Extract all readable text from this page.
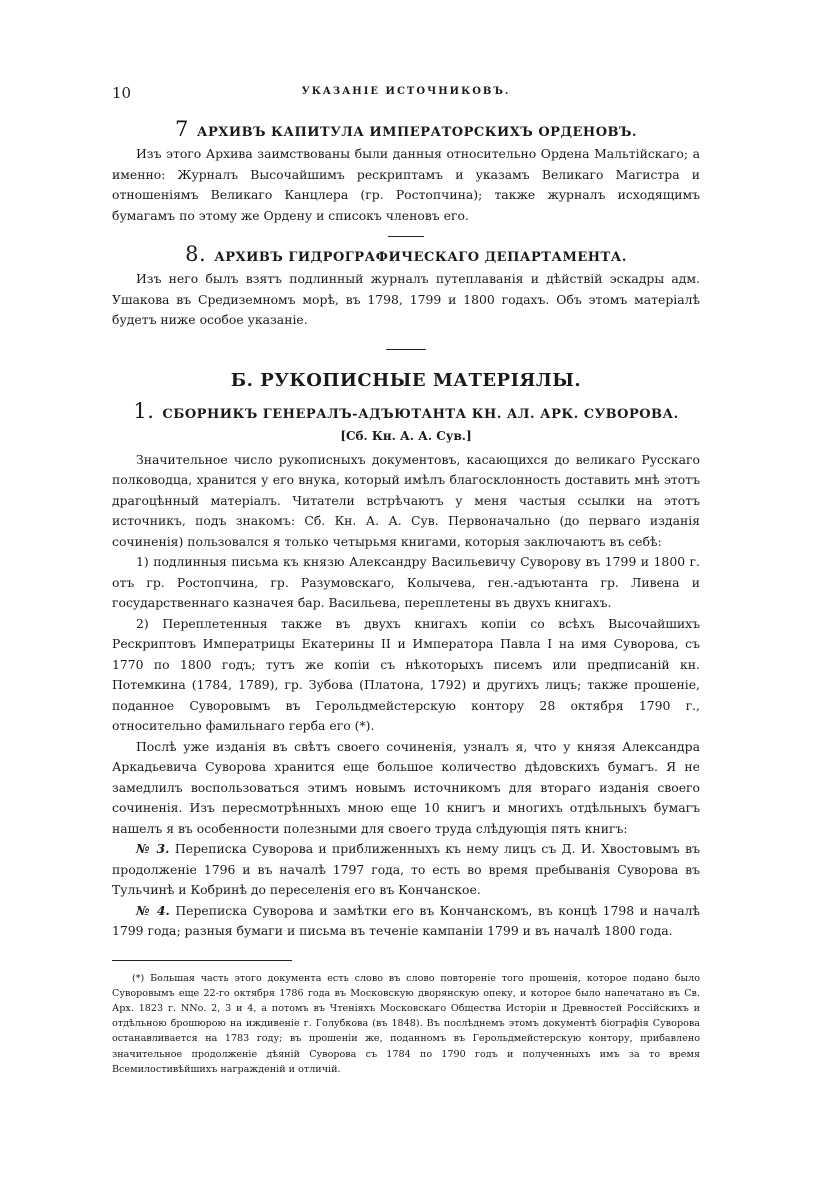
10	УКАЗАНІЕ ИСТОЧНИКОВЪ.
7 АРХИВЪ КАПИТУЛА ИМПЕРАТОРСКИХЪ ОРДЕНОВЪ.

Изъ этого Архива заимствованы были данныя относительно Ордена Мальтійскаго; а именно: Журналъ Высочайшимъ рескриптамъ и указамъ Великаго Магистра и отношеніямъ Великаго Канцлера (гр. Ростопчина); также журналъ исходящимъ бумагамъ по этому же Ордену и списокъ членовъ его.

8. АРХИВЪ ГИДРОГРАФИЧЕСКАГО ДЕПАРТАМЕНТА.

Изъ него былъ взятъ подлинный журналъ путеплаванія и дѣйствій эскадры адм. Ушакова въ Средиземномъ морѣ, въ 1798, 1799 и 1800 годахъ. Объ этомъ матеріалѣ будетъ ниже особое указаніе.

Б. РУКОПИСНЫЕ МАТЕРІЯЛЫ.
1. СБОРНИКЪ ГЕНЕРАЛЪ-АДЪЮТАНТА КН. АЛ. АРК. СУВОРОВА.
[Сб. Кн. А. А. Сув.]

Значительное число рукописныхъ документовъ, касающихся до великаго Русскаго полководца, хранится у его внука, который имѣлъ благосклонность доставить мнѣ этотъ драгоцѣнный матеріалъ. Читатели встрѣчаютъ у меня частыя ссылки на этотъ источникъ, подъ знакомъ: Сб. Кн. А. А. Сув. Первоначально (до перваго изданія сочиненія) пользовался я только четырьмя книгами, которыя заключаютъ въ себѣ:

1) подлинныя письма къ князю Александру Васильевичу Суворову въ 1799 и 1800 г. отъ гр. Ростопчина, гр. Разумовскаго, Колычева, ген.-адъютанта гр. Ливена и государственнаго казначея бар. Васильева, переплетены въ двухъ книгахъ.

2) Переплетенныя также въ двухъ книгахъ копіи со всѣхъ Высочайшихъ Рескриптовъ Императрицы Екатерины II и Императора Павла I на имя Суворова, съ 1770 по 1800 годъ; тутъ же копіи съ нѣкоторыхъ писемъ или предписаній кн. Потемкина (1784, 1789), гр. Зубова (Платона, 1792) и другихъ лицъ; также прошеніе, поданное Суворовымъ въ Герольдмейстерскую контору 28 октября 1790 г., относительно фамильнаго герба его (*).

Послѣ уже изданія въ свѣтъ своего сочиненія, узналъ я, что у князя Александра Аркадьевича Суворова хранится еще большое количество дѣдовскихъ бумагъ. Я не замедлилъ воспользоваться этимъ новымъ источникомъ для втораго изданія своего сочиненія. Изъ пересмотрѣнныхъ мною еще 10 книгъ и многихъ отдѣльныхъ бумагъ нашелъ я въ особенности полезными для своего труда слѣдующія пять книгъ:

№ 3. Переписка Суворова и приближенныхъ къ нему лицъ съ Д. И. Хвостовымъ въ продолженіе 1796 и въ началѣ 1797 года, то есть во время пребыванія Суворова въ Тульчинѣ и Кобринѣ до переселенія его въ Кончанское.

№ 4. Переписка Суворова и замѣтки его въ Кончанскомъ, въ концѣ 1798 и началѣ 1799 года; разныя бумаги и письма въ теченіе кампаніи 1799 и въ началѣ 1800 года.

(*) Большая часть этого документа есть слово въ слово повтореніе того прошенія, которое подано было Суворовымъ еще 22-го октября 1786 года въ Московскую дворянскую опеку, и которое было напечатано въ Св. Арх. 1823 г. NNo. 2, 3 и 4, а потомъ въ Чтеніяхъ Московскаго Общества Исторіи и Древностей Россійскихъ и отдѣльною брошюрою на иждивеніе г. Голубкова (въ 1848). Въ послѣднемъ этомъ документѣ біографія Суворова останавливается на 1783 году; въ прошеніи же, поданномъ въ Герольдмейстерскую контору, прибавлено значительное продолженіе дѣяній Суворова съ 1784 по 1790 годъ и полученныхъ имъ за то время Всемилостивѣйшихъ награжденій и отличій.
